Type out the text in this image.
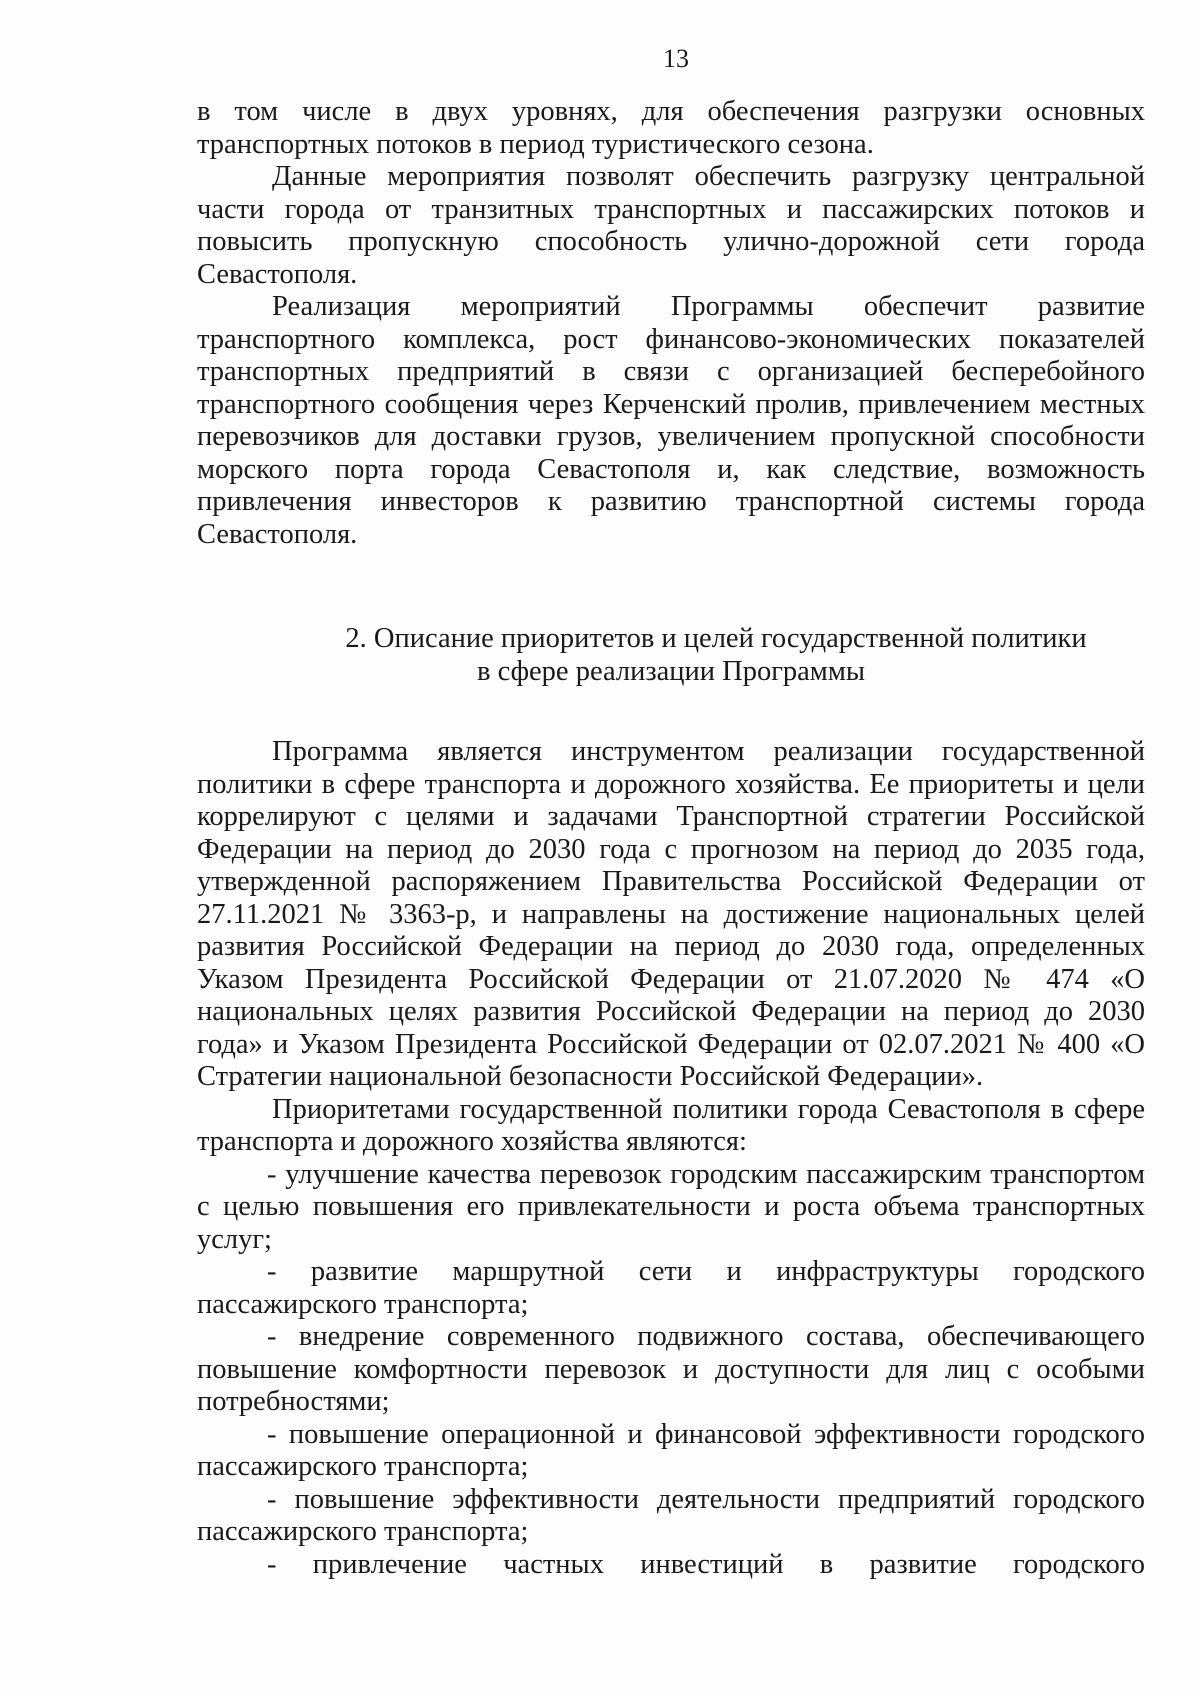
13

в том числе в двух уровнях, для обеспечения разгрузки основных транспортных потоков в период туристического сезона.

Данные мероприятия позволят обеспечить разгрузку центральной части города от транзитных транспортных и пассажирских потоков и повысить пропускную способность улично-дорожной сети города Севастополя.

Реализация мероприятий Программы обеспечит развитие транспортного комплекса, рост финансово-экономических показателей транспортных предприятий в связи с организацией бесперебойного транспортного сообщения через Керченский пролив, привлечением местных перевозчиков для доставки грузов, увеличением пропускной способности морского порта города Севастополя и, как следствие, возможность привлечения инвесторов к развитию транспортной системы города Севастополя.

2. Описание приоритетов и целей государственной политики
в сфере реализации Программы

Программа является инструментом реализации государственной политики в сфере транспорта и дорожного хозяйства. Ее приоритеты и цели коррелируют с целями и задачами Транспортной стратегии Российской Федерации на период до 2030 года с прогнозом на период до 2035 года, утвержденной распоряжением Правительства Российской Федерации от 27.11.2021 № 3363-р, и направлены на достижение национальных целей развития Российской Федерации на период до 2030 года, определенных Указом Президента Российской Федерации от 21.07.2020 № 474 «О национальных целях развития Российской Федерации на период до 2030 года» и Указом Президента Российской Федерации от 02.07.2021 № 400 «О Стратегии национальной безопасности Российской Федерации».

Приоритетами государственной политики города Севастополя в сфере транспорта и дорожного хозяйства являются:

- улучшение качества перевозок городским пассажирским транспортом с целью повышения его привлекательности и роста объема транспортных услуг;

- развитие маршрутной сети и инфраструктуры городского пассажирского транспорта;

- внедрение современного подвижного состава, обеспечивающего повышение комфортности перевозок и доступности для лиц с особыми потребностями;

- повышение операционной и финансовой эффективности городского пассажирского транспорта;

- повышение эффективности деятельности предприятий городского пассажирского транспорта;

- привлечение частных инвестиций в развитие городского
